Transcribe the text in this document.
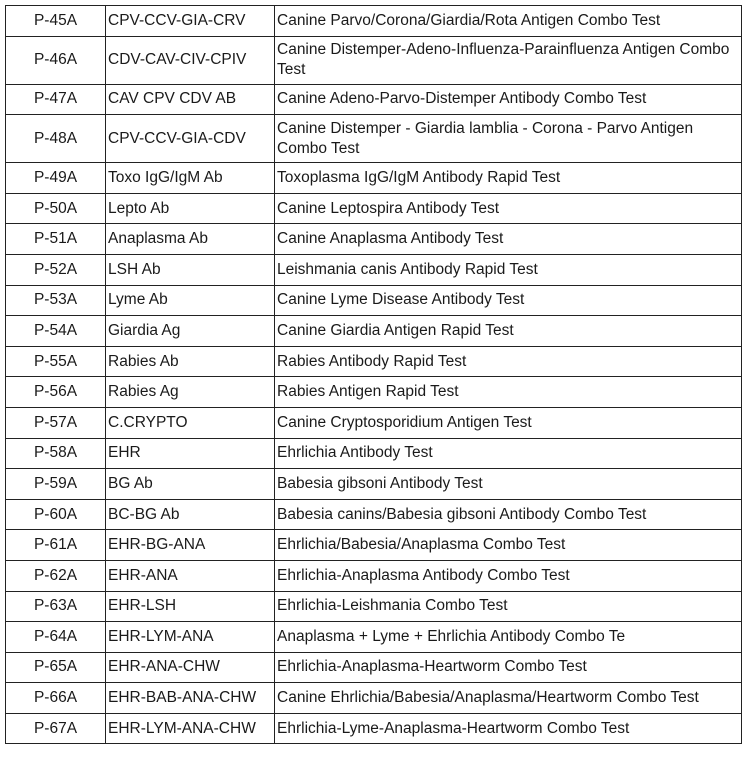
P-45A	CPV-CCV-GIA-CRV	Canine Parvo/Corona/Giardia/Rota Antigen Combo Test
P-46A	CDV-CAV-CIV-CPIV	Canine Distemper-Adeno-Influenza-Parainfluenza Antigen Combo Test
P-47A	CAV CPV CDV AB	Canine Adeno-Parvo-Distemper Antibody Combo Test
P-48A	CPV-CCV-GIA-CDV	Canine Distemper - Giardia lamblia - Corona - Parvo Antigen Combo Test
P-49A	Toxo IgG/IgM Ab	Toxoplasma IgG/IgM Antibody Rapid Test
P-50A	Lepto Ab	Canine Leptospira Antibody Test
P-51A	Anaplasma Ab	Canine Anaplasma Antibody Test
P-52A	LSH Ab	Leishmania canis Antibody Rapid Test
P-53A	Lyme Ab	Canine Lyme Disease Antibody Test
P-54A	Giardia Ag	Canine Giardia Antigen Rapid Test
P-55A	Rabies Ab	Rabies Antibody Rapid Test
P-56A	Rabies Ag	Rabies Antigen Rapid Test
P-57A	C.CRYPTO	Canine Cryptosporidium Antigen Test
P-58A	EHR	Ehrlichia Antibody Test
P-59A	BG Ab	Babesia gibsoni Antibody Test
P-60A	BC-BG Ab	Babesia canins/Babesia gibsoni Antibody Combo Test
P-61A	EHR-BG-ANA	Ehrlichia/Babesia/Anaplasma Combo Test
P-62A	EHR-ANA	Ehrlichia-Anaplasma Antibody Combo Test
P-63A	EHR-LSH	Ehrlichia-Leishmania Combo Test
P-64A	EHR-LYM-ANA	Anaplasma + Lyme + Ehrlichia Antibody Combo Te
P-65A	EHR-ANA-CHW	Ehrlichia-Anaplasma-Heartworm Combo Test
P-66A	EHR-BAB-ANA-CHW	Canine Ehrlichia/Babesia/Anaplasma/Heartworm Combo Test
P-67A	EHR-LYM-ANA-CHW	Ehrlichia-Lyme-Anaplasma-Heartworm Combo Test
